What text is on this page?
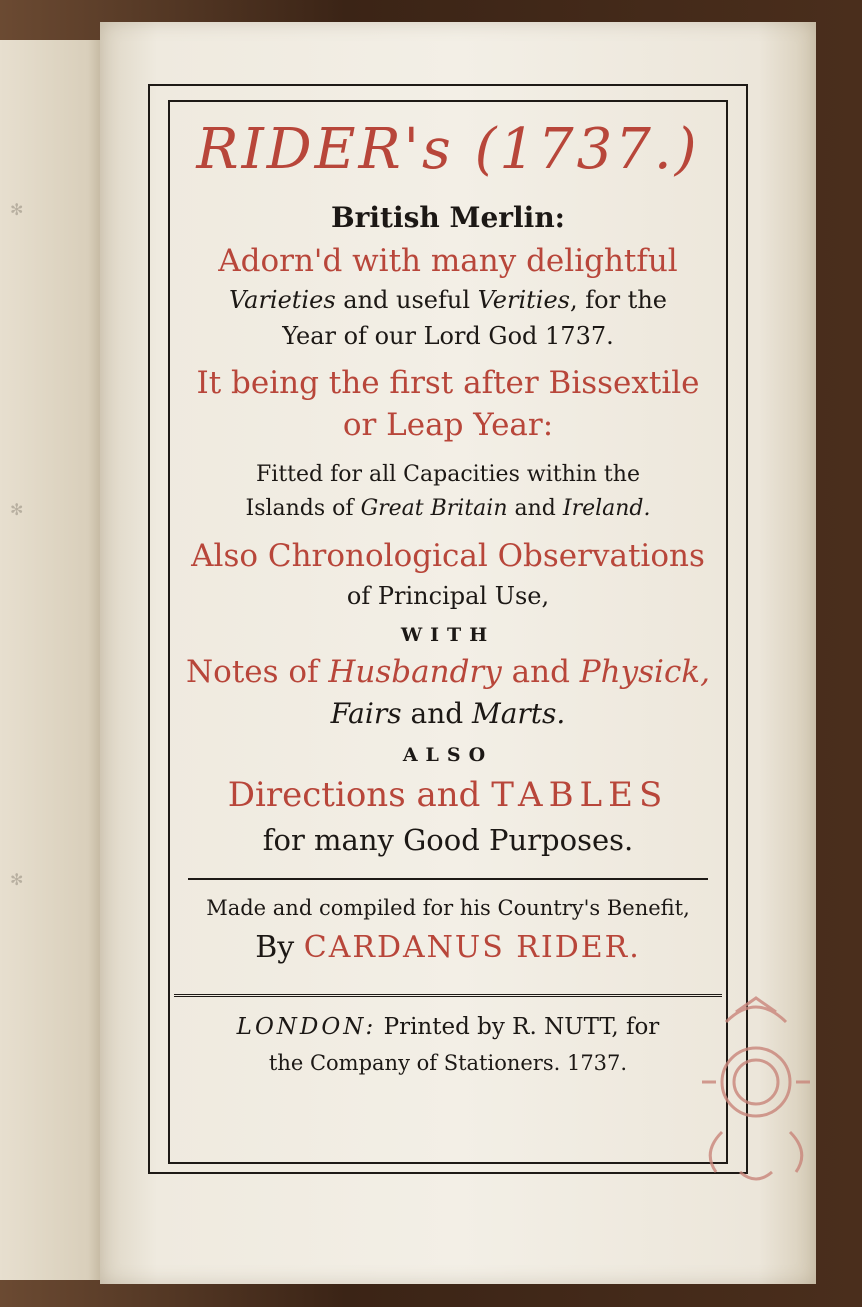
✻
✻
✻
RIDER's (1737.)
British Merlin:
Adorn'd with many delightful
Varieties and useful Verities, for the
Year of our Lord God 1737.
It being the first after Bissextile
or Leap Year:
Fitted for all Capacities within the
Islands of Great Britain and Ireland.
Also Chronological Observations
of Principal Use,
WITH
Notes of Husbandry and Physick,
Fairs and Marts.
ALSO
Directions and TABLES
for many Good Purposes.
Made and compiled for his Country's Benefit,
By CARDANUS RIDER.
LONDON: Printed by R. NUTT, for
the Company of Stationers. 1737.
